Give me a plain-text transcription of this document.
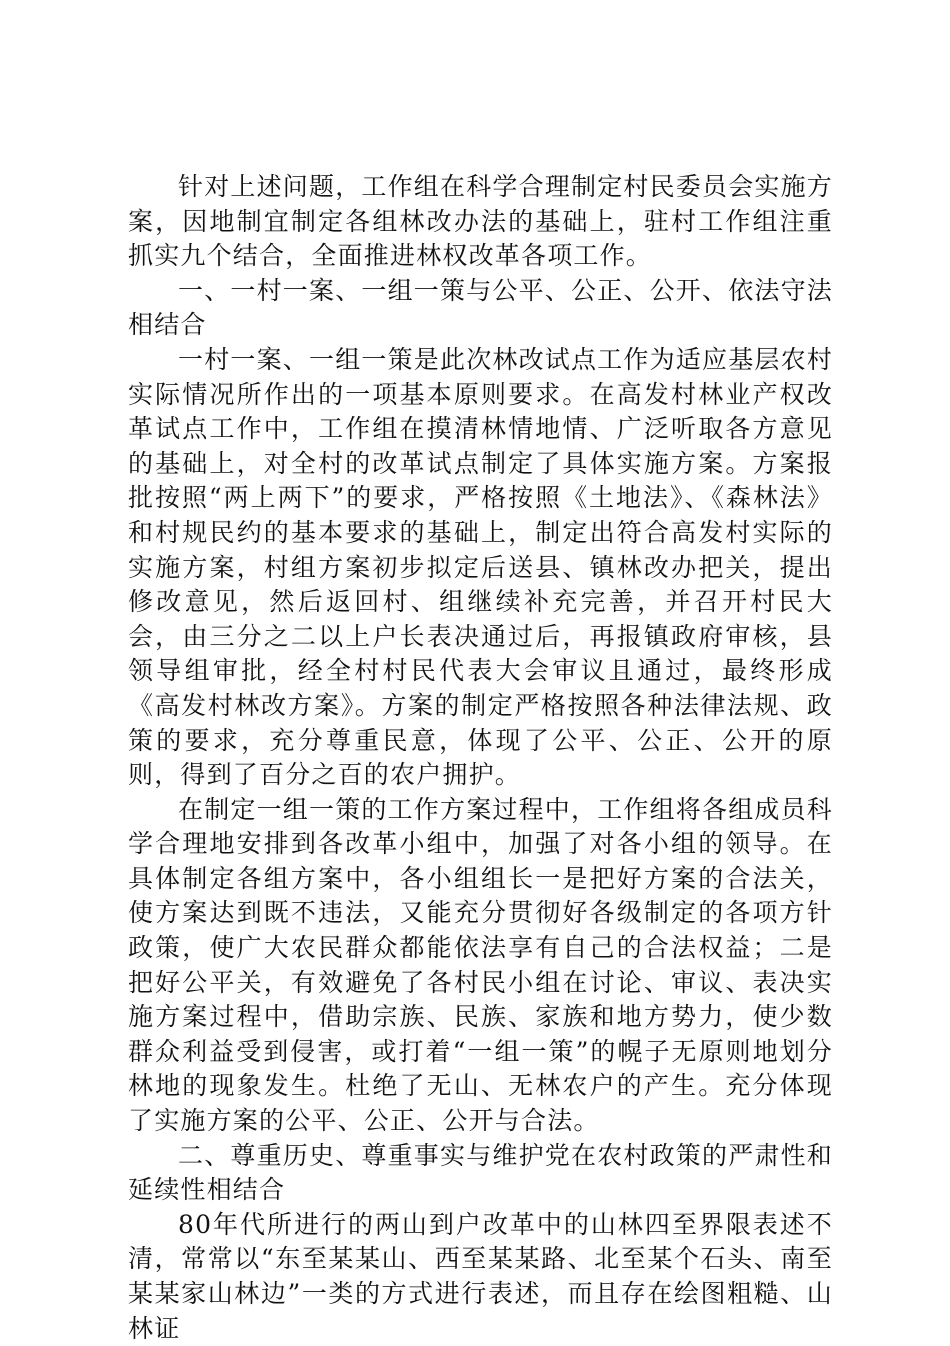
针对上述问题，工作组在科学合理制定村民委员会实施方案，因地制宜制定各组林改办法的基础上，驻村工作组注重抓实九个结合，全面推进林权改革各项工作。

一、一村一案、一组一策与公平、公正、公开、依法守法相结合

一村一案、一组一策是此次林改试点工作为适应基层农村实际情况所作出的一项基本原则要求。在高发村林业产权改革试点工作中，工作组在摸清林情地情、广泛听取各方意见的基础上，对全村的改革试点制定了具体实施方案。方案报批按照“两上两下”的要求，严格按照《土地法》、《森林法》和村规民约的基本要求的基础上，制定出符合高发村实际的实施方案，村组方案初步拟定后送县、镇林改办把关，提出修改意见，然后返回村、组继续补充完善，并召开村民大会，由三分之二以上户长表决通过后，再报镇政府审核，县领导组审批，经全村村民代表大会审议且通过，最终形成《高发村林改方案》。方案的制定严格按照各种法律法规、政策的要求，充分尊重民意，体现了公平、公正、公开的原则，得到了百分之百的农户拥护。

在制定一组一策的工作方案过程中，工作组将各组成员科学合理地安排到各改革小组中，加强了对各小组的领导。在具体制定各组方案中，各小组组长一是把好方案的合法关，使方案达到既不违法，又能充分贯彻好各级制定的各项方针政策，使广大农民群众都能依法享有自己的合法权益；二是把好公平关，有效避免了各村民小组在讨论、审议、表决实施方案过程中，借助宗族、民族、家族和地方势力，使少数群众利益受到侵害，或打着“一组一策”的幌子无原则地划分林地的现象发生。杜绝了无山、无林农户的产生。充分体现了实施方案的公平、公正、公开与合法。

二、尊重历史、尊重事实与维护党在农村政策的严肃性和延续性相结合

80年代所进行的两山到户改革中的山林四至界限表述不清，常常以“东至某某山、西至某某路、北至某个石头、南至某某家山林边”一类的方式进行表述，而且存在绘图粗糙、山林证
